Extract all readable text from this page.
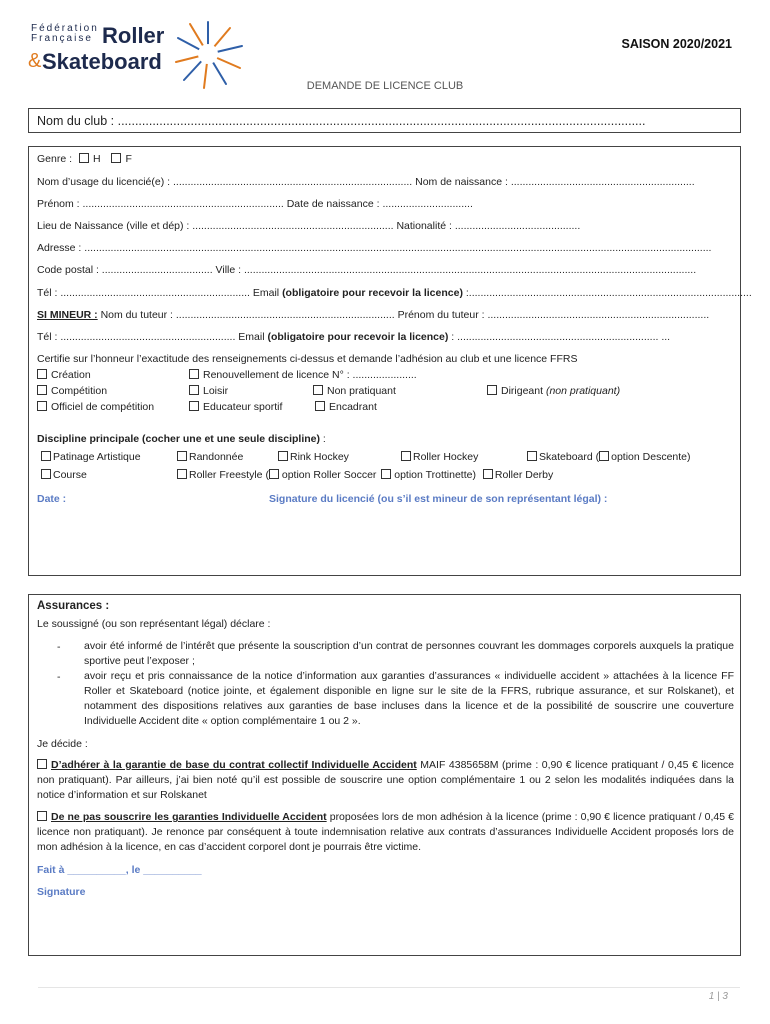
Fédération
Française Roller
& Skateboard
SAISON 2020/2021
DEMANDE DE LICENCE CLUB
Nom du club : ........................................................................................................................................................
Genre : H F
Nom d’usage du licencié(e) : .................................................................................. Nom de naissance : ...............................................................
Prénom : ..................................................................... Date de naissance : ...............................
Lieu de Naissance (ville et dép) : ..................................................................... Nationalité : ...........................................
Adresse : .......................................................................................................................................................................................................................
Code postal : ...................................... Ville : ...........................................................................................................................................................
Tél : ................................................................. Email (obligatoire pour recevoir la licence) :.................................................................................................
SI MINEUR : Nom du tuteur : ........................................................................... Prénom du tuteur : ............................................................................
Tél : ............................................................ Email (obligatoire pour recevoir la licence) : ..................................................................... ...
Certifie sur l’honneur l’exactitude des renseignements ci-dessus et demande l’adhésion au club et une licence FFRS
Création	Renouvellement de licence N° : ......................
Compétition	Loisir	Non pratiquant	Dirigeant (non pratiquant)
Officiel de compétition	Educateur sportif	Encadrant
Discipline principale (cocher une et une seule discipline) :
Patinage Artistique	Randonnée	Rink Hockey	Roller Hockey	Skateboard ( option Descente)
Course	Roller Freestyle ( option Roller Soccer  option Trottinette) Roller Derby
Date :	Signature du licencié (ou s’il est mineur de son représentant légal) :
Assurances :
Le soussigné (ou son représentant légal) déclare :
- avoir été informé de l’intérêt que présente la souscription d’un contrat de personnes couvrant les dommages corporels auxquels la pratique sportive peut l’exposer ;
- avoir reçu et pris connaissance de la notice d’information aux garanties d’assurances « individuelle accident » attachées à la licence FF Roller et Skateboard (notice jointe, et également disponible en ligne sur le site de la FFRS, rubrique assurance, et sur Rolskanet), et notamment des dispositions relatives aux garanties de base incluses dans la licence et de la possibilité de souscrire une couverture Individuelle Accident dite « option complémentaire 1 ou 2 ».
Je décide :
D’adhérer à la garantie de base du contrat collectif Individuelle Accident MAIF 4385658M (prime : 0,90 € licence pratiquant / 0,45 € licence non pratiquant). Par ailleurs, j’ai bien noté qu’il est possible de souscrire une option complémentaire 1 ou 2 selon les modalités indiquées dans la notice d’information et sur Rolskanet
De ne pas souscrire les garanties Individuelle Accident proposées lors de mon adhésion à la licence (prime : 0,90 € licence pratiquant / 0,45 € licence non pratiquant). Je renonce par conséquent à toute indemnisation relative aux contrats d’assurances Individuelle Accident proposés lors de mon adhésion à la licence, en cas d’accident corporel dont je pourrais être victime.
Fait à __________, le __________
Signature
1 | 3
